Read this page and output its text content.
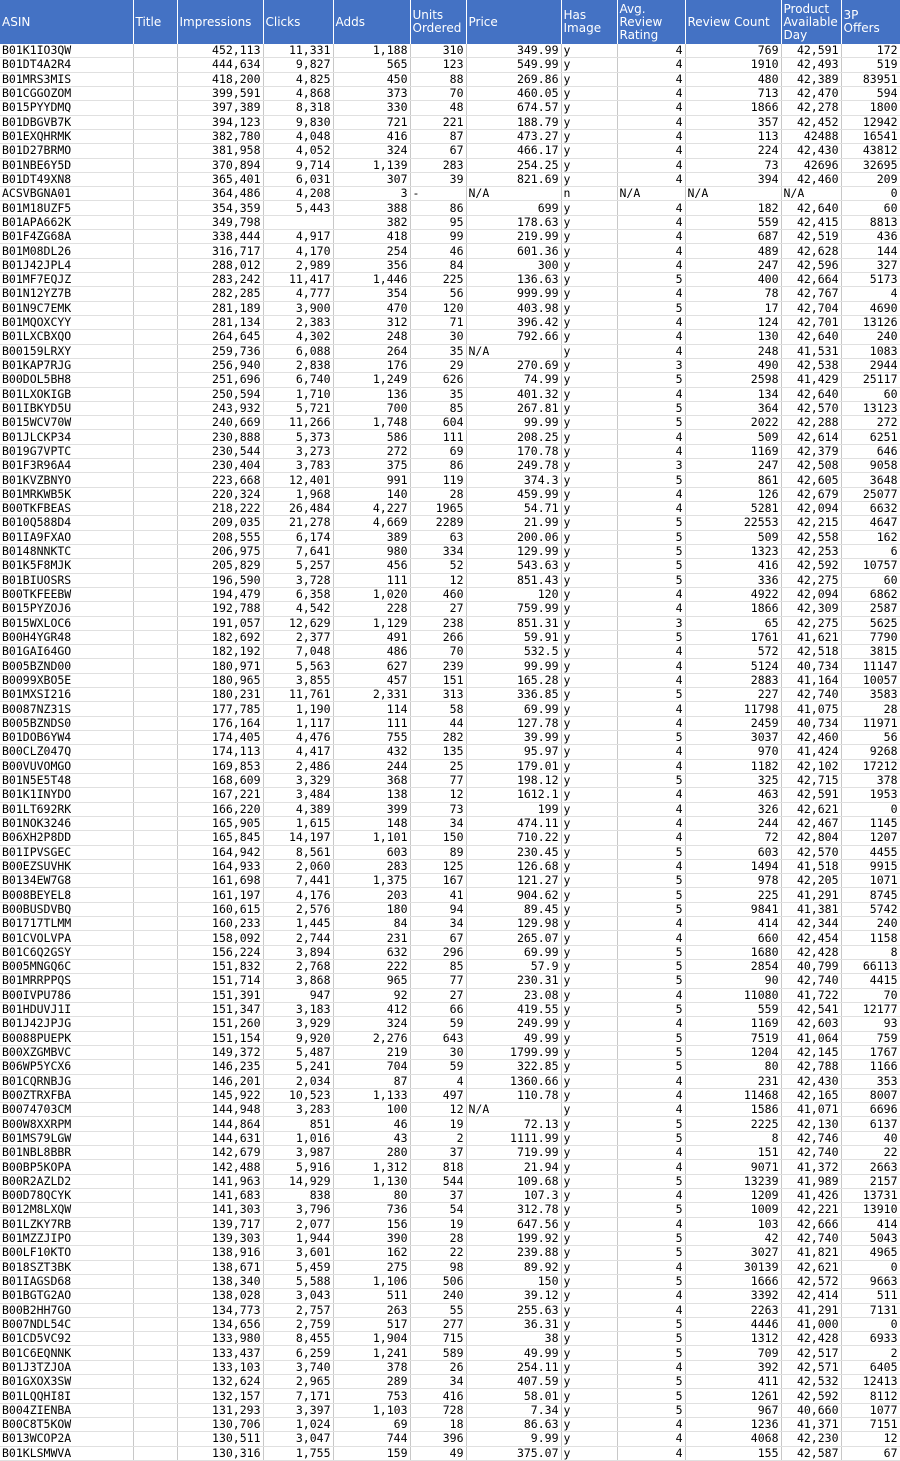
ASIN	Title	Impressions	Clicks	Adds	Units Ordered	Price	Has Image	Avg. Review Rating	Review Count	Product Available Day	3P Offers
B01K1IO3QW		452,113	11,331	1,188	310	349.99	y	4	769	42,591	172
B01DT4A2R4		444,634	9,827	565	123	549.99	y	4	1910	42,493	519
B01MRS3MIS		418,200	4,825	450	88	269.86	y	4	480	42,389	83951
B01CGGOZOM		399,591	4,868	373	70	460.05	y	4	713	42,470	594
B015PYYDMQ		397,389	8,318	330	48	674.57	y	4	1866	42,278	1800
B01DBGVB7K		394,123	9,830	721	221	188.79	y	4	357	42,452	12942
B01EXQHRMK		382,780	4,048	416	87	473.27	y	4	113	42488	16541
B01D27BRMO		381,958	4,052	324	67	466.17	y	4	224	42,430	43812
B01NBE6Y5D		370,894	9,714	1,139	283	254.25	y	4	73	42696	32695
B01DT49XN8		365,401	6,031	307	39	821.69	y	4	394	42,460	209
ACSVBGNA01		364,486	4,208	3	-	N/A	n	N/A	N/A	N/A	0
B01M18UZF5		354,359	5,443	388	86	699	y	4	182	42,640	60
B01APA662K		349,798		382	95	178.63	y	4	559	42,415	8813
B01F4ZG68A		338,444	4,917	418	99	219.99	y	4	687	42,519	436
B01M08DL26		316,717	4,170	254	46	601.36	y	4	489	42,628	144
B01J42JPL4		288,012	2,989	356	84	300	y	4	247	42,596	327
B01MF7EQJZ		283,242	11,417	1,446	225	136.63	y	5	400	42,664	5173
B01N12YZ7B		282,285	4,777	354	56	999.99	y	4	78	42,767	4
B01N9C7EMK		281,189	3,900	470	120	403.98	y	5	17	42,704	4690
B01MQOXCYY		281,134	2,383	312	71	396.42	y	4	124	42,701	13126
B01LXCBXQO		264,645	4,302	248	30	792.66	y	4	130	42,640	240
B00159LRXY		259,736	6,088	264	35	N/A	y	4	248	41,531	1083
B01KAP7RJG		256,940	2,838	176	29	270.69	y	3	490	42,538	2944
B00DOL5BH8		251,696	6,740	1,249	626	74.99	y	5	2598	41,429	25117
B01LXOKIGB		250,594	1,710	136	35	401.32	y	4	134	42,640	60
B01IBKYD5U		243,932	5,721	700	85	267.81	y	5	364	42,570	13123
B015WCV70W		240,669	11,266	1,748	604	99.99	y	5	2022	42,288	272
B01JLCKP34		230,888	5,373	586	111	208.25	y	4	509	42,614	6251
B019G7VPTC		230,544	3,273	272	69	170.78	y	4	1169	42,379	646
B01F3R96A4		230,404	3,783	375	86	249.78	y	3	247	42,508	9058
B01KVZBNYO		223,668	12,401	991	119	374.3	y	5	861	42,605	3648
B01MRKWB5K		220,324	1,968	140	28	459.99	y	4	126	42,679	25077
B00TKFBEAS		218,222	26,484	4,227	1965	54.71	y	4	5281	42,094	6632
B010Q588D4		209,035	21,278	4,669	2289	21.99	y	5	22553	42,215	4647
B01IA9FXAO		208,555	6,174	389	63	200.06	y	5	509	42,558	162
B0148NNKTC		206,975	7,641	980	334	129.99	y	5	1323	42,253	6
B01K5F8MJK		205,829	5,257	456	52	543.63	y	5	416	42,592	10757
B01BIUOSRS		196,590	3,728	111	12	851.43	y	5	336	42,275	60
B00TKFEEBW		194,479	6,358	1,020	460	120	y	4	4922	42,094	6862
B015PYZOJ6		192,788	4,542	228	27	759.99	y	4	1866	42,309	2587
B015WXLOC6		191,057	12,629	1,129	238	851.31	y	3	65	42,275	5625
B00H4YGR48		182,692	2,377	491	266	59.91	y	5	1761	41,621	7790
B01GAI64GO		182,192	7,048	486	70	532.5	y	4	572	42,518	3815
B005BZND00		180,971	5,563	627	239	99.99	y	4	5124	40,734	11147
B0099XBO5E		180,965	3,855	457	151	165.28	y	4	2883	41,164	10057
B01MXSI216		180,231	11,761	2,331	313	336.85	y	5	227	42,740	3583
B0087NZ31S		177,785	1,190	114	58	69.99	y	4	11798	41,075	28
B005BZNDS0		176,164	1,117	111	44	127.78	y	4	2459	40,734	11971
B01DOB6YW4		174,405	4,476	755	282	39.99	y	5	3037	42,460	56
B00CLZ047Q		174,113	4,417	432	135	95.97	y	4	970	41,424	9268
B00VUVOMGO		169,853	2,486	244	25	179.01	y	4	1182	42,102	17212
B01N5E5T48		168,609	3,329	368	77	198.12	y	5	325	42,715	378
B01K1INYDO		167,221	3,484	138	12	1612.1	y	4	463	42,591	1953
B01LT692RK		166,220	4,389	399	73	199	y	4	326	42,621	0
B01NOK3246		165,905	1,615	148	34	474.11	y	4	244	42,467	1145
B06XH2P8DD		165,845	14,197	1,101	150	710.22	y	4	72	42,804	1207
B01IPVSGEC		164,942	8,561	603	89	230.45	y	5	603	42,570	4455
B00EZSUVHK		164,933	2,060	283	125	126.68	y	4	1494	41,518	9915
B0134EW7G8		161,698	7,441	1,375	167	121.27	y	5	978	42,205	1071
B008BEYEL8		161,197	4,176	203	41	904.62	y	5	225	41,291	8745
B00BUSDVBQ		160,615	2,576	180	94	89.45	y	5	9841	41,381	5742
B01717TLMM		160,233	1,445	84	34	129.98	y	4	414	42,344	240
B01CVOLVPA		158,092	2,744	231	67	265.07	y	4	660	42,454	1158
B01C6Q2GSY		156,224	3,894	632	296	69.99	y	5	1680	42,428	8
B005MNGQ6C		151,832	2,768	222	85	57.9	y	5	2854	40,799	66113
B01MRRPPQS		151,714	3,868	965	77	230.31	y	5	90	42,740	4415
B00IVPU786		151,391	947	92	27	23.08	y	4	11080	41,722	70
B01HDUVJ1I		151,347	3,183	412	66	419.55	y	5	559	42,541	12177
B01J42JPJG		151,260	3,929	324	59	249.99	y	4	1169	42,603	93
B0088PUEPK		151,154	9,920	2,276	643	49.99	y	5	7519	41,064	759
B00XZGMBVC		149,372	5,487	219	30	1799.99	y	5	1204	42,145	1767
B06WP5YCX6		146,235	5,241	704	59	322.85	y	5	80	42,788	1166
B01CQRNBJG		146,201	2,034	87	4	1360.66	y	4	231	42,430	353
B00ZTRXFBA		145,922	10,523	1,133	497	110.78	y	4	11468	42,165	8007
B0074703CM		144,948	3,283	100	12	N/A	y	4	1586	41,071	6696
B00W8XXRPM		144,864	851	46	19	72.13	y	5	2225	42,130	6137
B01MS79LGW		144,631	1,016	43	2	1111.99	y	5	8	42,746	40
B01NBL8BBR		142,679	3,987	280	37	719.99	y	4	151	42,740	22
B00BP5KOPA		142,488	5,916	1,312	818	21.94	y	4	9071	41,372	2663
B00R2AZLD2		141,963	14,929	1,130	544	109.68	y	5	13239	41,989	2157
B00D78QCYK		141,683	838	80	37	107.3	y	4	1209	41,426	13731
B012M8LXQW		141,303	3,796	736	54	312.78	y	5	1009	42,221	13910
B01LZKY7RB		139,717	2,077	156	19	647.56	y	4	103	42,666	414
B01MZZJIPO		139,303	1,944	390	28	199.92	y	5	42	42,740	5043
B00LF10KTO		138,916	3,601	162	22	239.88	y	5	3027	41,821	4965
B018SZT3BK		138,671	5,459	275	98	89.92	y	4	30139	42,621	0
B01IAGSD68		138,340	5,588	1,106	506	150	y	5	1666	42,572	9663
B01BGTG2AO		138,028	3,043	511	240	39.12	y	4	3392	42,414	511
B00B2HH7GO		134,773	2,757	263	55	255.63	y	4	2263	41,291	7131
B007NDL54C		134,656	2,759	517	277	36.31	y	5	4446	41,000	0
B01CD5VC92		133,980	8,455	1,904	715	38	y	5	1312	42,428	6933
B01C6EQNNK		133,437	6,259	1,241	589	49.99	y	5	709	42,517	2
B01J3TZJOA		133,103	3,740	378	26	254.11	y	4	392	42,571	6405
B01GXOX3SW		132,624	2,965	289	34	407.59	y	5	411	42,532	12413
B01LQQHI8I		132,157	7,171	753	416	58.01	y	5	1261	42,592	8112
B004ZIENBA		131,293	3,397	1,103	728	7.34	y	5	967	40,660	1077
B00C8T5KOW		130,706	1,024	69	18	86.63	y	4	1236	41,371	7151
B013WCOP2A		130,511	3,047	744	396	9.99	y	4	4068	42,230	12
B01KLSMWVA		130,316	1,755	159	49	375.07	y	4	155	42,587	67
